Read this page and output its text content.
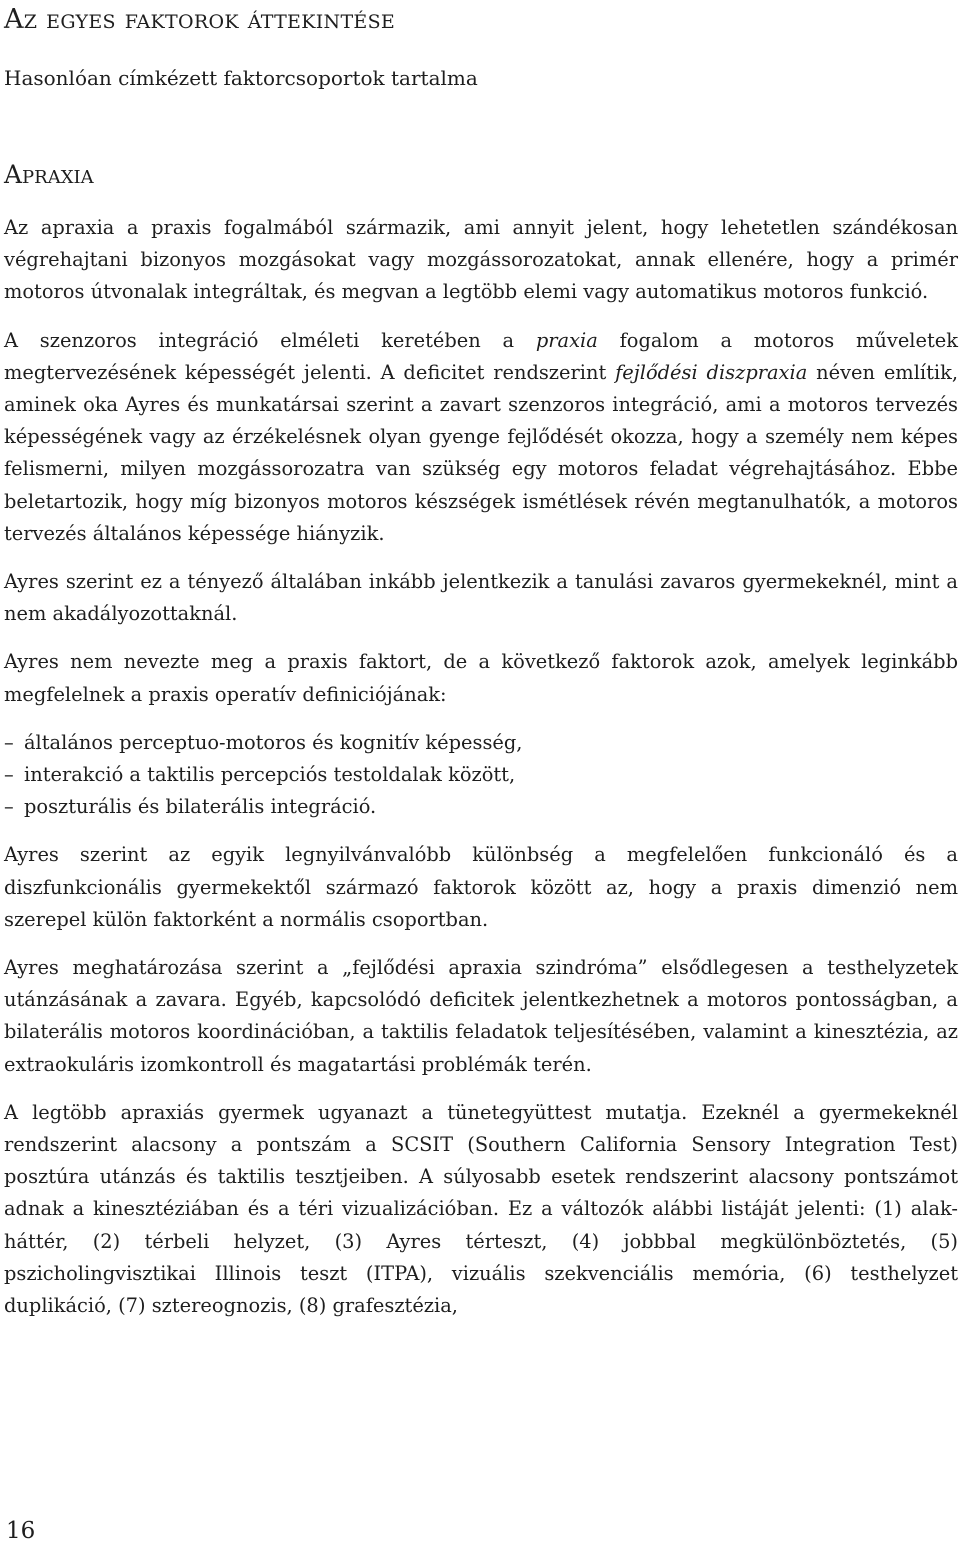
Az egyes faktorok áttekintése

Hasonlóan címkézett faktorcsoportok tartalma

Apraxia

Az apraxia a praxis fogalmából származik, ami annyit jelent, hogy lehetetlen szándékosan végrehajtani bizonyos mozgásokat vagy mozgássorozatokat, annak ellenére, hogy a primér motoros útvonalak integráltak, és megvan a legtöbb elemi vagy automatikus motoros funkció.

A szenzoros integráció elméleti keretében a praxia fogalom a motoros műveletek megtervezésének képességét jelenti. A deficitet rendszerint fejlődési diszpraxia néven említik, aminek oka Ayres és munkatársai szerint a zavart szenzoros integráció, ami a motoros tervezés képességének vagy az érzékelésnek olyan gyenge fejlődését okozza, hogy a személy nem képes felismerni, milyen mozgássorozatra van szükség egy motoros feladat végrehajtásához. Ebbe beletartozik, hogy míg bizonyos motoros készségek ismétlések révén megtanulhatók, a motoros tervezés általános képessége hiányzik.

Ayres szerint ez a tényező általában inkább jelentkezik a tanulási zavaros gyermekeknél, mint a nem akadályozottaknál.

Ayres nem nevezte meg a praxis faktort, de a következő faktorok azok, amelyek leginkább megfelelnek a praxis operatív definiciójának:

– általános perceptuo-motoros és kognitív képesség,
– interakció a taktilis percepciós testoldalak között,
– poszturális és bilaterális integráció.

Ayres szerint az egyik legnyilvánvalóbb különbség a megfelelően funkcionáló és a diszfunkcionális gyermekektől származó faktorok között az, hogy a praxis dimenzió nem szerepel külön faktorként a normális csoportban.

Ayres meghatározása szerint a „fejlődési apraxia szindróma” elsődlegesen a testhelyzetek utánzásának a zavara. Egyéb, kapcsolódó deficitek jelentkezhetnek a motoros pontosságban, a bilaterális motoros koordinációban, a taktilis feladatok teljesítésében, valamint a kinesztézia, az extraokuláris izomkontroll és magatartási problémák terén.

A legtöbb apraxiás gyermek ugyanazt a tünetegyüttest mutatja. Ezeknél a gyermekeknél rendszerint alacsony a pontszám a SCSIT (Southern California Sensory Integration Test) posztúra utánzás és taktilis tesztjeiben. A súlyosabb esetek rendszerint alacsony pontszámot adnak a kinesztéziában és a téri vizualizációban. Ez a változók alábbi listáját jelenti: (1) alak-háttér, (2) térbeli helyzet, (3) Ayres térteszt, (4) jobbbal megkülönböztetés, (5) pszicholingvisztikai Illinois teszt (ITPA), vizuális szekvenciális memória, (6) testhelyzet duplikáció, (7) sztereognozis, (8) grafesztézia,

16
